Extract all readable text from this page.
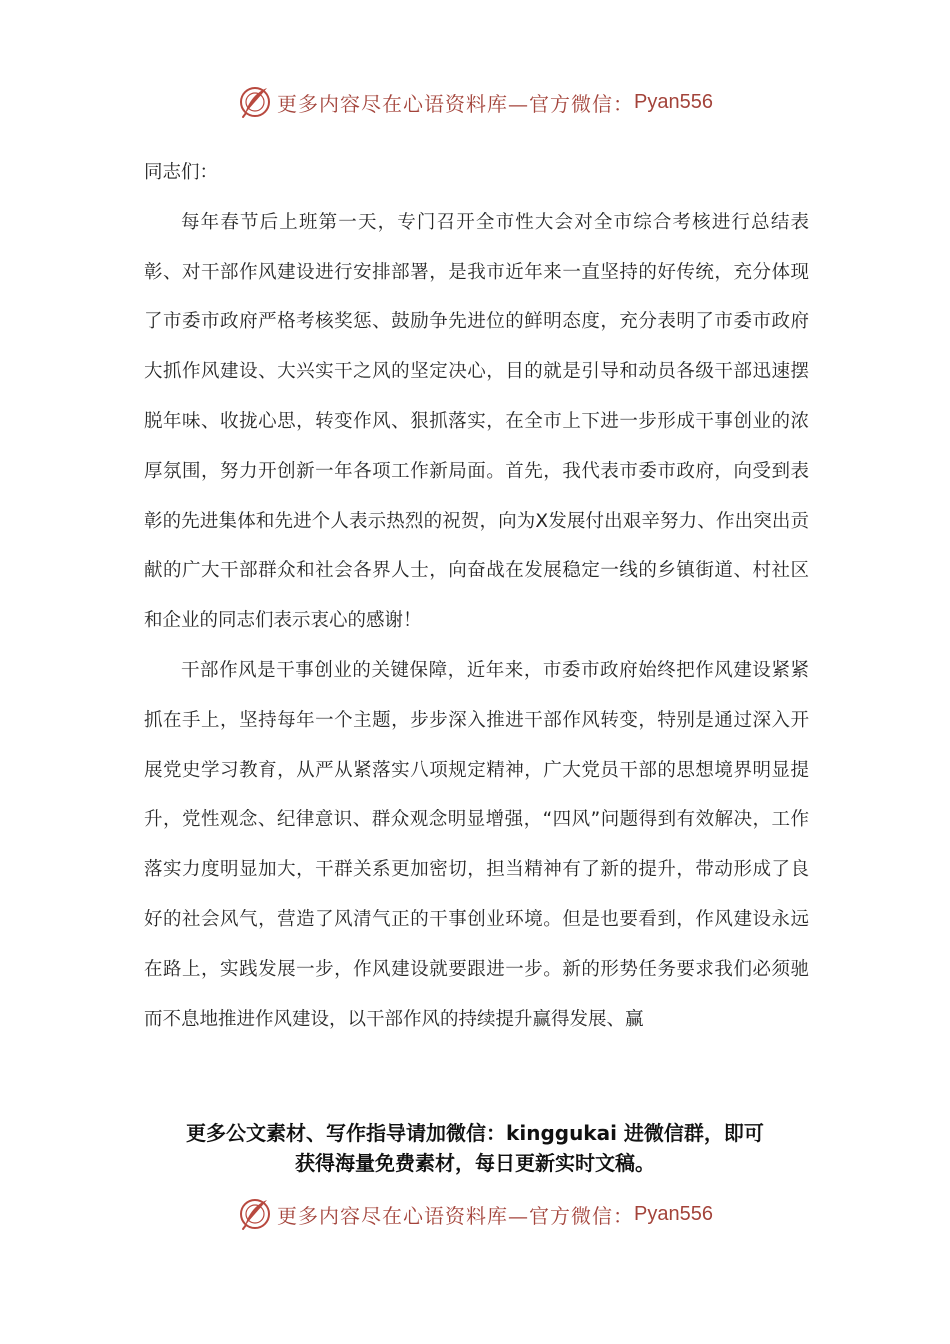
更多内容尽在心语资料库—官方微信： Pyan556

同志们：

每年春节后上班第一天，专门召开全市性大会对全市综合考核进行总结表彰、对干部作风建设进行安排部署，是我市近年来一直坚持的好传统，充分体现了市委市政府严格考核奖惩、鼓励争先进位的鲜明态度，充分表明了市委市政府大抓作风建设、大兴实干之风的坚定决心，目的就是引导和动员各级干部迅速摆脱年味、收拢心思，转变作风、狠抓落实，在全市上下进一步形成干事创业的浓厚氛围，努力开创新一年各项工作新局面。首先，我代表市委市政府，向受到表彰的先进集体和先进个人表示热烈的祝贺，向为X发展付出艰辛努力、作出突出贡献的广大干部群众和社会各界人士，向奋战在发展稳定一线的乡镇街道、村社区和企业的同志们表示衷心的感谢！

干部作风是干事创业的关键保障，近年来，市委市政府始终把作风建设紧紧抓在手上，坚持每年一个主题，步步深入推进干部作风转变，特别是通过深入开展党史学习教育，从严从紧落实八项规定精神，广大党员干部的思想境界明显提升，党性观念、纪律意识、群众观念明显增强，“四风”问题得到有效解决，工作落实力度明显加大，干群关系更加密切，担当精神有了新的提升，带动形成了良好的社会风气，营造了风清气正的干事创业环境。但是也要看到，作风建设永远在路上，实践发展一步，作风建设就要跟进一步。新的形势任务要求我们必须驰而不息地推进作风建设，以干部作风的持续提升赢得发展、赢

更多公文素材、写作指导请加微信：kinggukai 进微信群，即可
获得海量免费素材，每日更新实时文稿。
更多内容尽在心语资料库—官方微信： Pyan556
